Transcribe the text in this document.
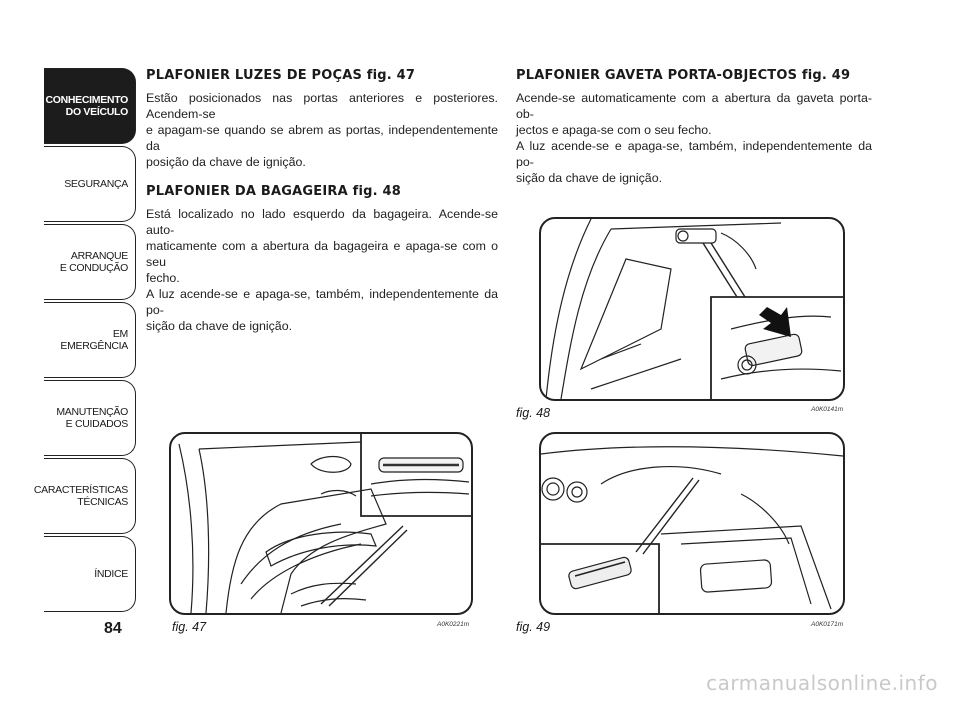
CONHECIMENTO
DO VEÍCULO
SEGURANÇA
ARRANQUE
E CONDUÇÃO
EM EMERGÊNCIA
MANUTENÇÃO
E CUIDADOS
CARACTERÍSTICAS
TÉCNICAS
ÍNDICE
84
PLAFONIER LUZES DE POÇAS fig. 47

Estão posicionados nas portas anteriores e posteriores. Acendem-se
e apagam-se quando se abrem as portas, independentemente da
posição da chave de ignição.

PLAFONIER DA BAGAGEIRA fig. 48

Está localizado no lado esquerdo da bagageira. Acende-se auto-
maticamente com a abertura da bagageira e apaga-se com o seu
fecho.
A luz acende-se e apaga-se, também, independentemente da po-
sição da chave de ignição.

PLAFONIER GAVETA PORTA-OBJECTOS fig. 49

Acende-se automaticamente com a abertura da gaveta porta-ob-
jectos e apaga-se com o seu fecho.
A luz acende-se e apaga-se, também, independentemente da po-
sição da chave de ignição.

fig. 47	A0K0221m
fig. 48	A0K0141m
fig. 49	A0K0171m
carmanualsonline.info
